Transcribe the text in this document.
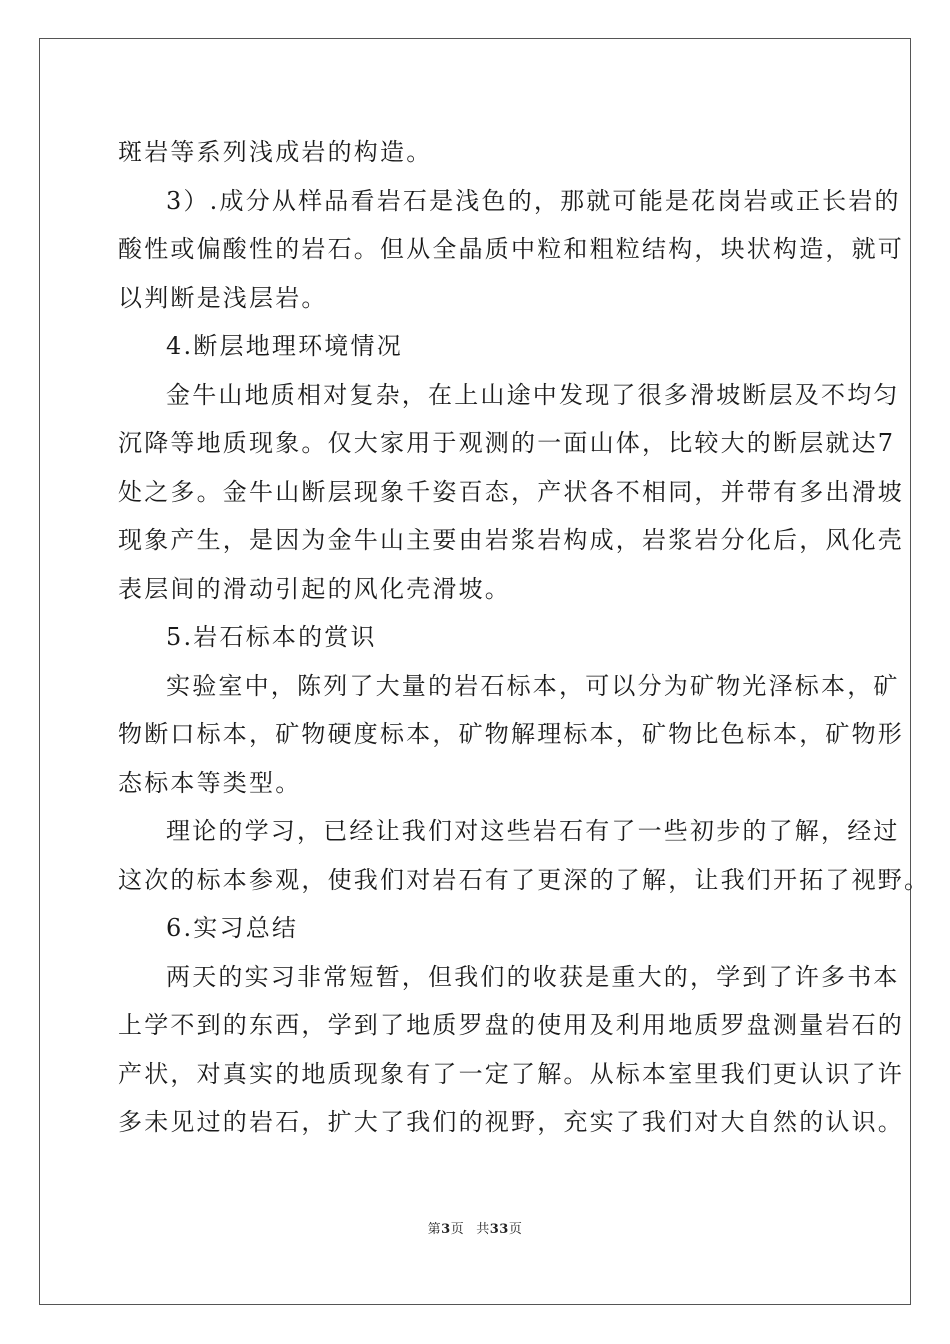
斑岩等系列浅成岩的构造。
3）.成分从样品看岩石是浅色的，那就可能是花岗岩或正长岩的
酸性或偏酸性的岩石。但从全晶质中粒和粗粒结构，块状构造，就可
以判断是浅层岩。
4.断层地理环境情况
金牛山地质相对复杂，在上山途中发现了很多滑坡断层及不均匀
沉降等地质现象。仅大家用于观测的一面山体，比较大的断层就达7
处之多。金牛山断层现象千姿百态，产状各不相同，并带有多出滑坡
现象产生，是因为金牛山主要由岩浆岩构成，岩浆岩分化后，风化壳
表层间的滑动引起的风化壳滑坡。
5.岩石标本的赏识
实验室中，陈列了大量的岩石标本，可以分为矿物光泽标本，矿
物断口标本，矿物硬度标本，矿物解理标本，矿物比色标本，矿物形
态标本等类型。
理论的学习，已经让我们对这些岩石有了一些初步的了解，经过
这次的标本参观，使我们对岩石有了更深的了解，让我们开拓了视野。
6.实习总结
两天的实习非常短暂，但我们的收获是重大的，学到了许多书本
上学不到的东西，学到了地质罗盘的使用及利用地质罗盘测量岩石的
产状，对真实的地质现象有了一定了解。从标本室里我们更认识了许
多未见过的岩石，扩大了我们的视野，充实了我们对大自然的认识。
第3页 共33页
